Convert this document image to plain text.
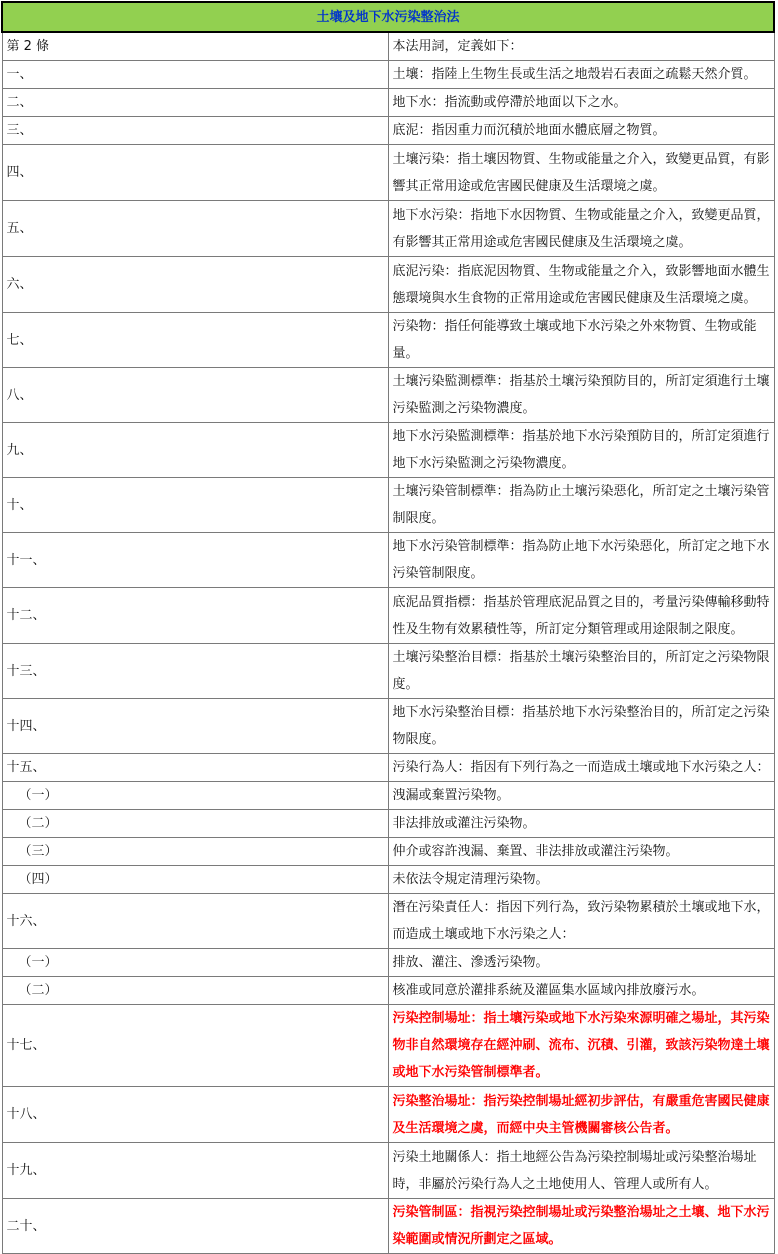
土壤及地下水污染整治法	
第 2 條	本法用詞，定義如下：
一、	土壤：指陸上生物生長或生活之地殼岩石表面之疏鬆天然介質。
二、	地下水：指流動或停滯於地面以下之水。
三、	底泥：指因重力而沉積於地面水體底層之物質。
四、	土壤污染：指土壤因物質、生物或能量之介入，致變更品質，有影響其正常用途或危害國民健康及生活環境之虞。
五、	地下水污染：指地下水因物質、生物或能量之介入，致變更品質，有影響其正常用途或危害國民健康及生活環境之虞。
六、	底泥污染：指底泥因物質、生物或能量之介入，致影響地面水體生態環境與水生食物的正常用途或危害國民健康及生活環境之虞。
七、	污染物：指任何能導致土壤或地下水污染之外來物質、生物或能量。
八、	土壤污染監測標準：指基於土壤污染預防目的，所訂定須進行土壤污染監測之污染物濃度。
九、	地下水污染監測標準：指基於地下水污染預防目的，所訂定須進行地下水污染監測之污染物濃度。
十、	土壤污染管制標準：指為防止土壤污染惡化，所訂定之土壤污染管制限度。
十一、	地下水污染管制標準：指為防止地下水污染惡化，所訂定之地下水污染管制限度。
十二、	底泥品質指標：指基於管理底泥品質之目的，考量污染傳輸移動特性及生物有效累積性等，所訂定分類管理或用途限制之限度。
十三、	土壤污染整治目標：指基於土壤污染整治目的，所訂定之污染物限度。
十四、	地下水污染整治目標：指基於地下水污染整治目的，所訂定之污染 物限度。
十五、	污染行為人：指因有下列行為之一而造成土壤或地下水污染之人：
（一）	洩漏或棄置污染物。
（二）	非法排放或灌注污染物。
（三）	仲介或容許洩漏、棄置、非法排放或灌注污染物。
（四）	未依法令規定清理污染物。
十六、	潛在污染責任人：指因下列行為，致污染物累積於土壤或地下水，而造成土壤或地下水污染之人：
（一）	排放、灌注、滲透污染物。
（二）	核准或同意於灌排系統及灌區集水區域內排放廢污水。
十七、	污染控制場址：指土壤污染或地下水污染來源明確之場址，其污染物非自然環境存在經沖刷、流布、沉積、引灌，致該污染物達土壤或地下水污染管制標準者。
十八、	污染整治場址：指污染控制場址經初步評估，有嚴重危害國民健康及生活環境之虞，而經中央主管機關審核公告者。
十九、	污染土地關係人：指土地經公告為污染控制場址或污染整治場址時，非屬於污染行為人之土地使用人、管理人或所有人。
二十、	污染管制區：指視污染控制場址或污染整治場址之土壤、地下水污染範圍或情況所劃定之區域。
